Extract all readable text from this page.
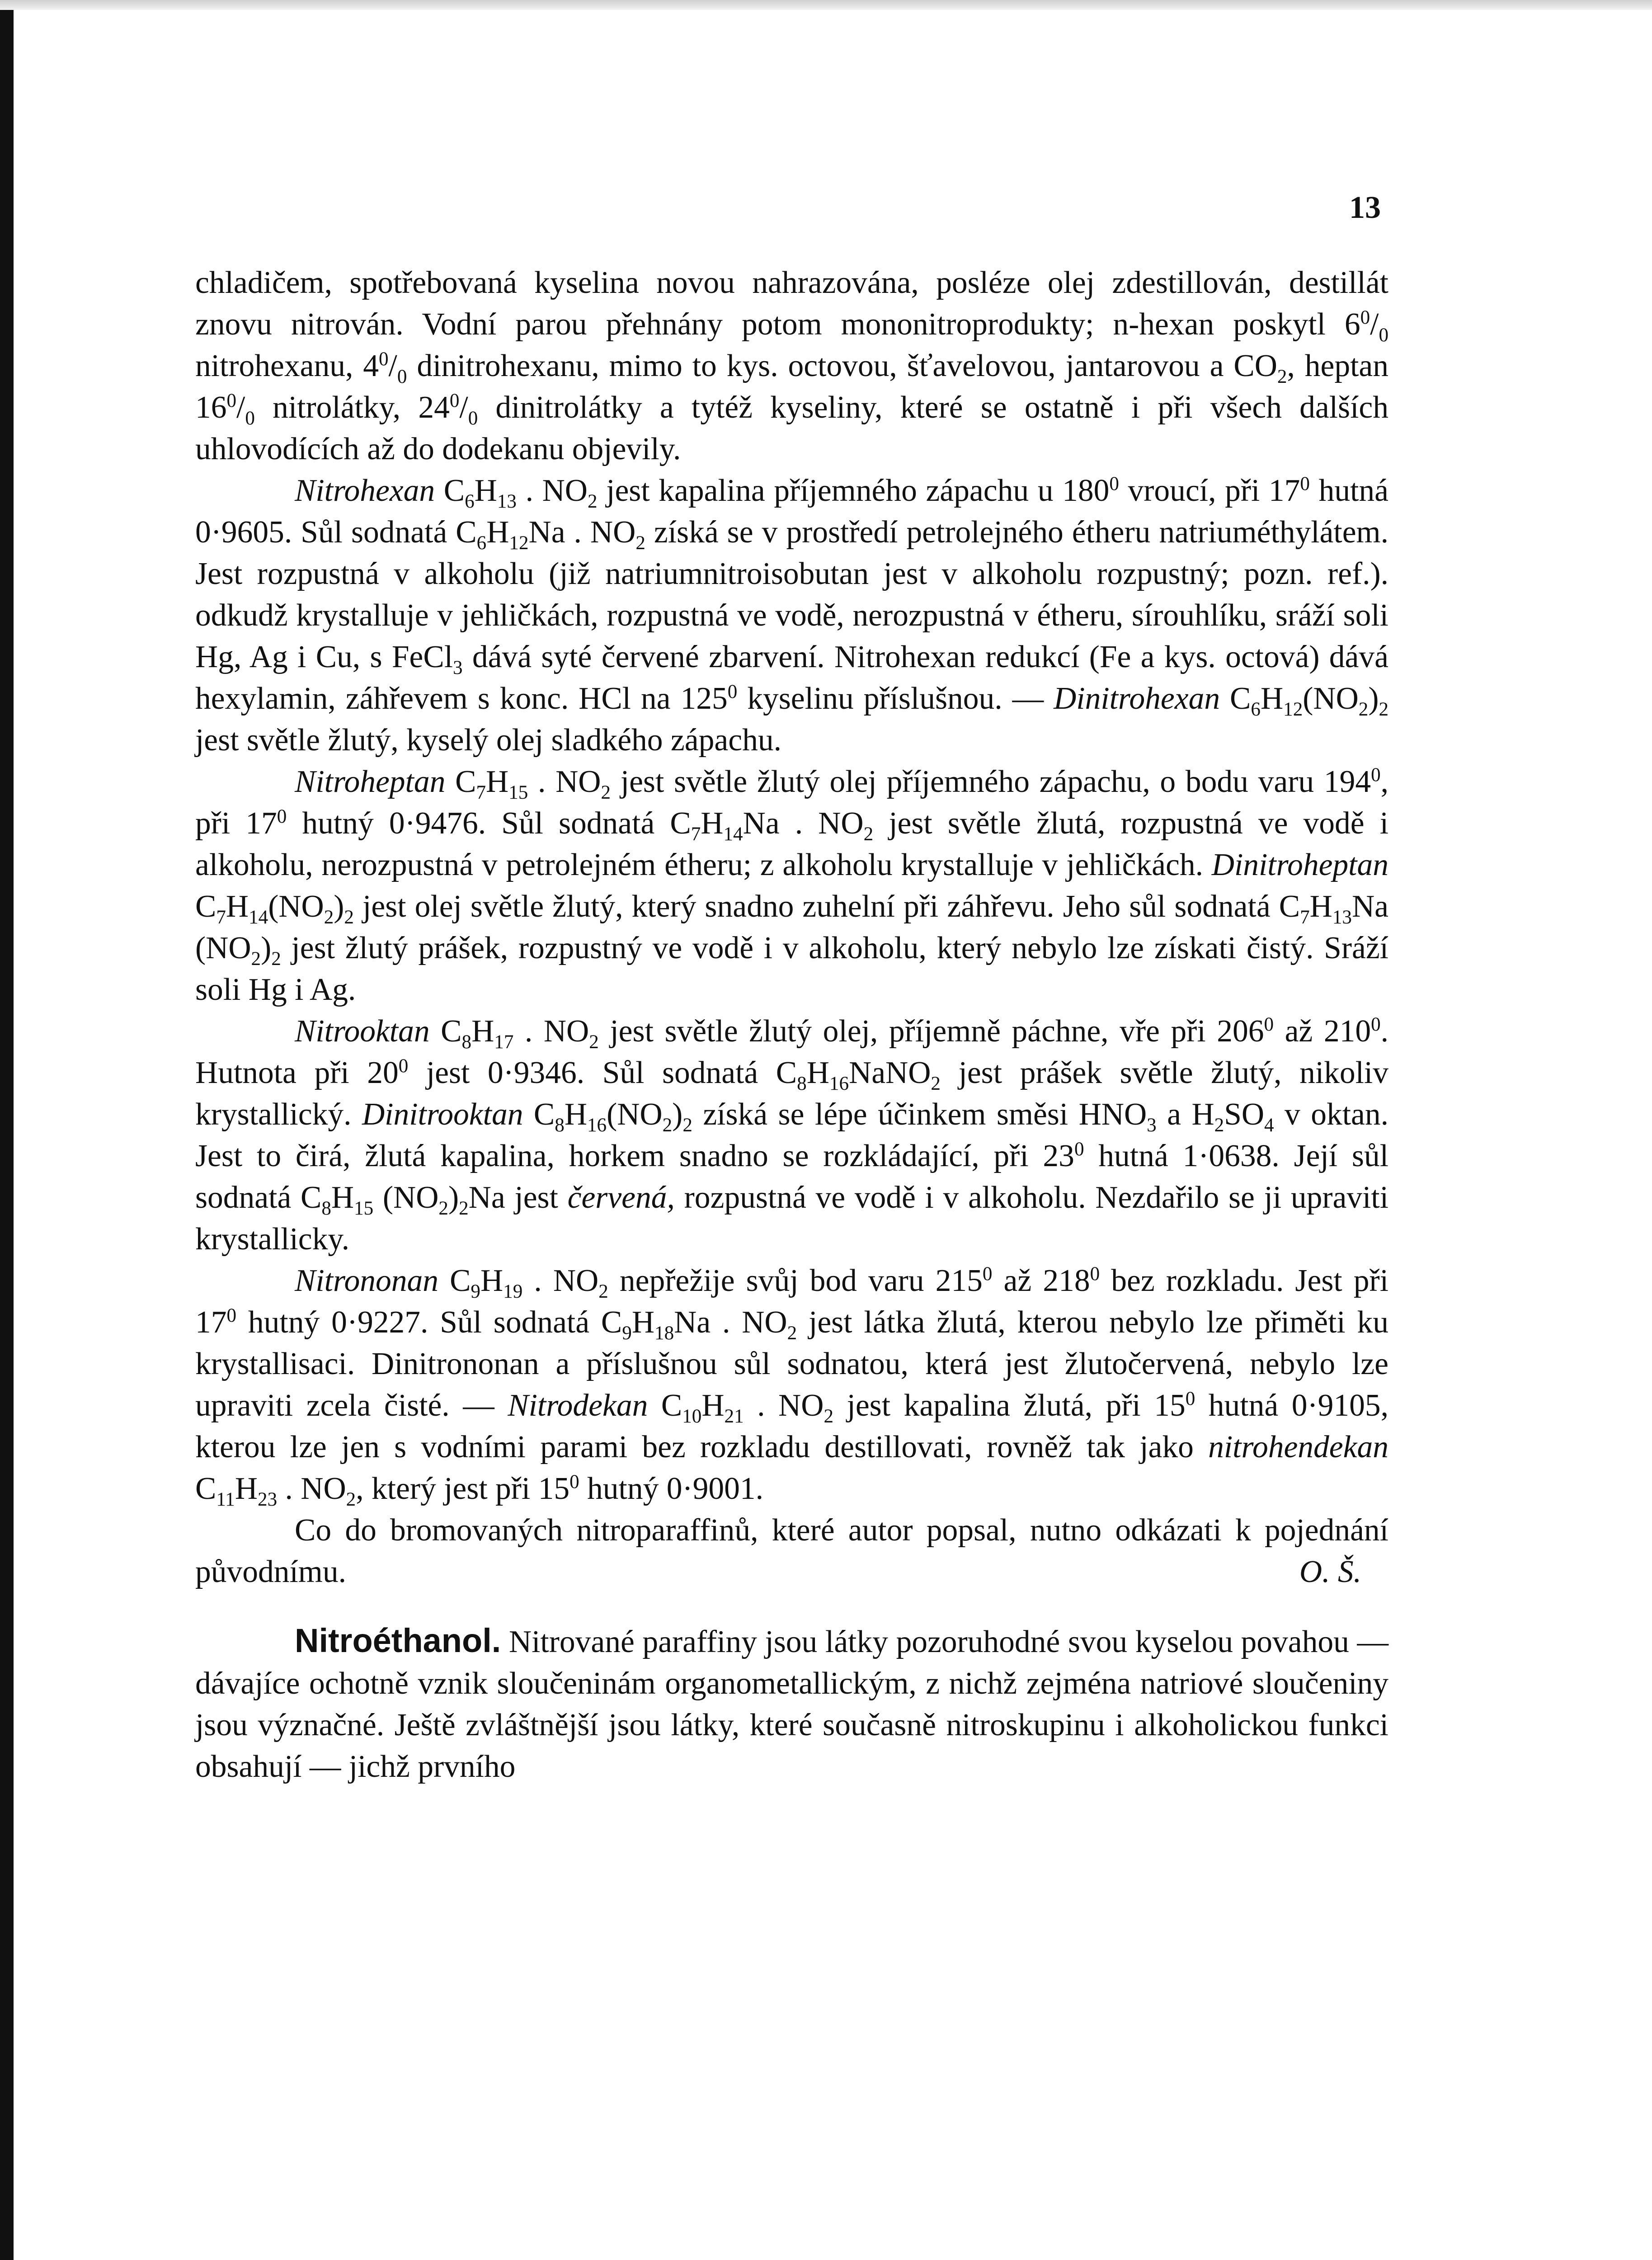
13

chladičem, spotřebovaná kyselina novou nahrazována, posléze olej zdestillován, destillát znovu nitrován. Vodní parou přehnány potom mononitroprodukty; n-hexan poskytl $6^0/_0$ nitrohexanu, $4^0/_0$ dinitrohexanu, mimo to kys. octovou, šťavelovou, jantarovou a $CO_2$, heptan $16^0/_0$ nitrolátky, $24^0/_0$ dinitrolátky a tytéž kyseliny, které se ostatně i při všech dalších uhlovodících až do dodekanu objevily.

Nitrohexan $C_6H_{13}$ . $NO_2$ jest kapalina příjemného zápachu u $180^0$ vroucí, při $17^0$ hutná 0·9605. Sůl sodnatá $C_6H_{12}Na$ . $NO_2$ získá se v prostředí petrolejného étheru natriuméthylátem. Jest rozpustná v alkoholu (již natriumnitroisobutan jest v alkoholu rozpustný; pozn. ref.). odkudž krystalluje v jehličkách, rozpustná ve vodě, nerozpustná v étheru, sírouhlíku, sráží soli Hg, Ag i Cu, s FeCl$_3$ dává syté červené zbarvení. Nitrohexan redukcí (Fe a kys. octová) dává hexylamin, záhřevem s konc. HCl na $125^0$ kyselinu příslušnou. — Dinitrohexan $C_6H_{12}(NO_2)_2$ jest světle žlutý, kyselý olej sladkého zápachu.

Nitroheptan $C_7H_{15}$ . $NO_2$ jest světle žlutý olej příjemného zápachu, o bodu varu $194^0$, při $17^0$ hutný 0·9476. Sůl sodnatá $C_7H_{14}Na$ . $NO_2$ jest světle žlutá, rozpustná ve vodě i alkoholu, nerozpustná v petrolejném étheru; z alkoholu krystalluje v jehličkách. Dinitroheptan $C_7H_{14}(NO_2)_2$ jest olej světle žlutý, který snadno zuhelní při záhřevu. Jeho sůl sodnatá $C_7H_{13}Na$ $(NO_2)_2$ jest žlutý prášek, rozpustný ve vodě i v alkoholu, který nebylo lze získati čistý. Sráží soli Hg i Ag.

Nitrooktan $C_8H_{17}$ . $NO_2$ jest světle žlutý olej, příjemně páchne, vře při $206^0$ až $210^0$. Hutnota při $20^0$ jest 0·9346. Sůl sodnatá $C_8H_{16}NaNO_2$ jest prášek světle žlutý, nikoliv krystallický. Dinitrooktan $C_8H_{16}(NO_2)_2$ získá se lépe účinkem směsi $HNO_3$ a $H_2SO_4$ v oktan. Jest to čirá, žlutá kapalina, horkem snadno se rozkládající, při $23^0$ hutná 1·0638. Její sůl sodnatá $C_8H_{15}$ $(NO_2)_2Na$ jest červená, rozpustná ve vodě i v alkoholu. Nezdařilo se ji upraviti krystallicky.

Nitrononan $C_9H_{19}$ . $NO_2$ nepřežije svůj bod varu $215^0$ až $218^0$ bez rozkladu. Jest při $17^0$ hutný 0·9227. Sůl sodnatá $C_9H_{18}Na$ . $NO_2$ jest látka žlutá, kterou nebylo lze přiměti ku krystallisaci. Dinitrononan a příslušnou sůl sodnatou, která jest žlutočervená, nebylo lze upraviti zcela čisté. — Nitrodekan $C_{10}H_{21}$ . $NO_2$ jest kapalina žlutá, při $15^0$ hutná 0·9105, kterou lze jen s vodními parami bez rozkladu destillovati, rovněž tak jako nitrohendekan $C_{11}H_{23}$ . $NO_2$, který jest při $15^0$ hutný 0·9001.

Co do bromovaných nitroparaffinů, které autor popsal, nutno odkázati k pojednání původnímu.	O. Š.

Nitroéthanol. Nitrované paraffiny jsou látky pozoruhodné svou kyselou povahou — dávajíce ochotně vznik sloučeninám organometallickým, z nichž zejména natriové sloučeniny jsou význačné. Ještě zvláštnější jsou látky, které současně nitroskupinu i alkoholickou funkci obsahují — jichž prvního
